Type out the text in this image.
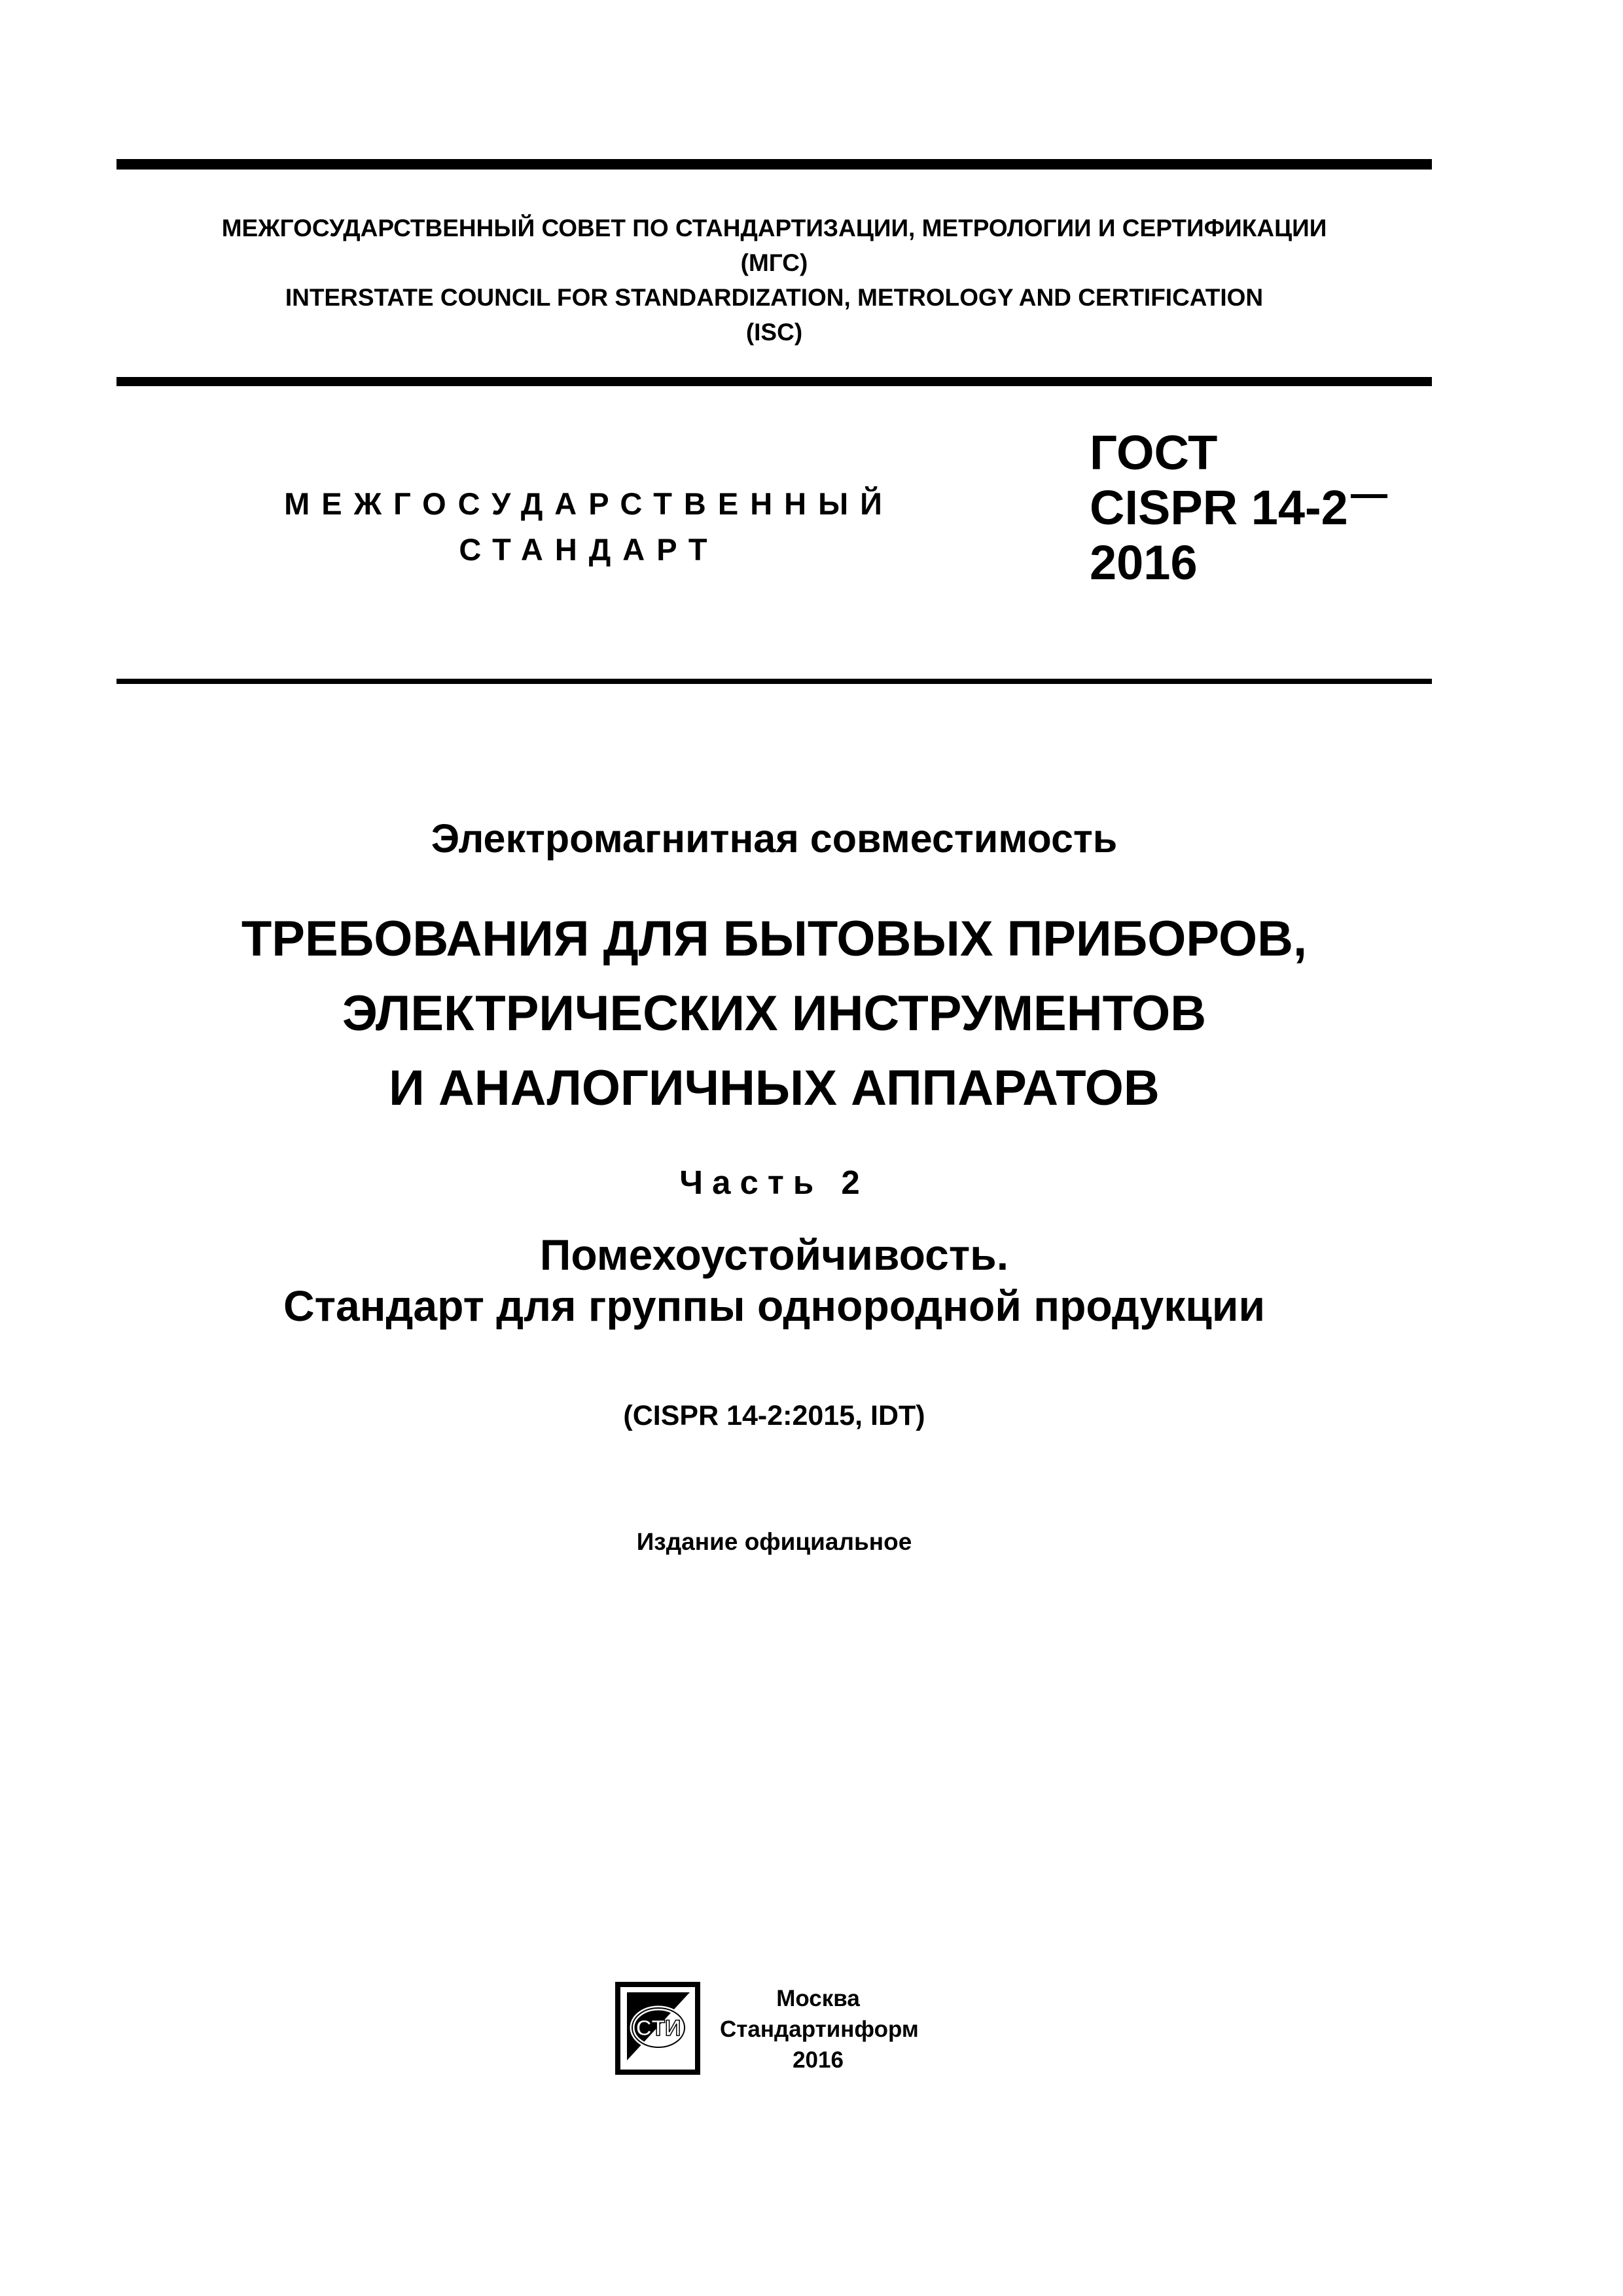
МЕЖГОСУДАРСТВЕННЫЙ СОВЕТ ПО СТАНДАРТИЗАЦИИ, МЕТРОЛОГИИ И СЕРТИФИКАЦИИ
(МГС)
INTERSTATE COUNCIL FOR STANDARDIZATION, METROLOGY AND CERTIFICATION
(ISC)
МЕЖГОСУДАРСТВЕННЫЙ
СТАНДАРТ
ГОСТ
CISPR 14-2
2016
Электромагнитная совместимость
ТРЕБОВАНИЯ ДЛЯ БЫТОВЫХ ПРИБОРОВ,
ЭЛЕКТРИЧЕСКИХ ИНСТРУМЕНТОВ
И АНАЛОГИЧНЫХ АППАРАТОВ
Часть 2
Помехоустойчивость.
Стандарт для группы однородной продукции
(CISPR 14-2:2015, IDT)
Издание официальное
СТИ
Москва
Стандартинформ
2016
